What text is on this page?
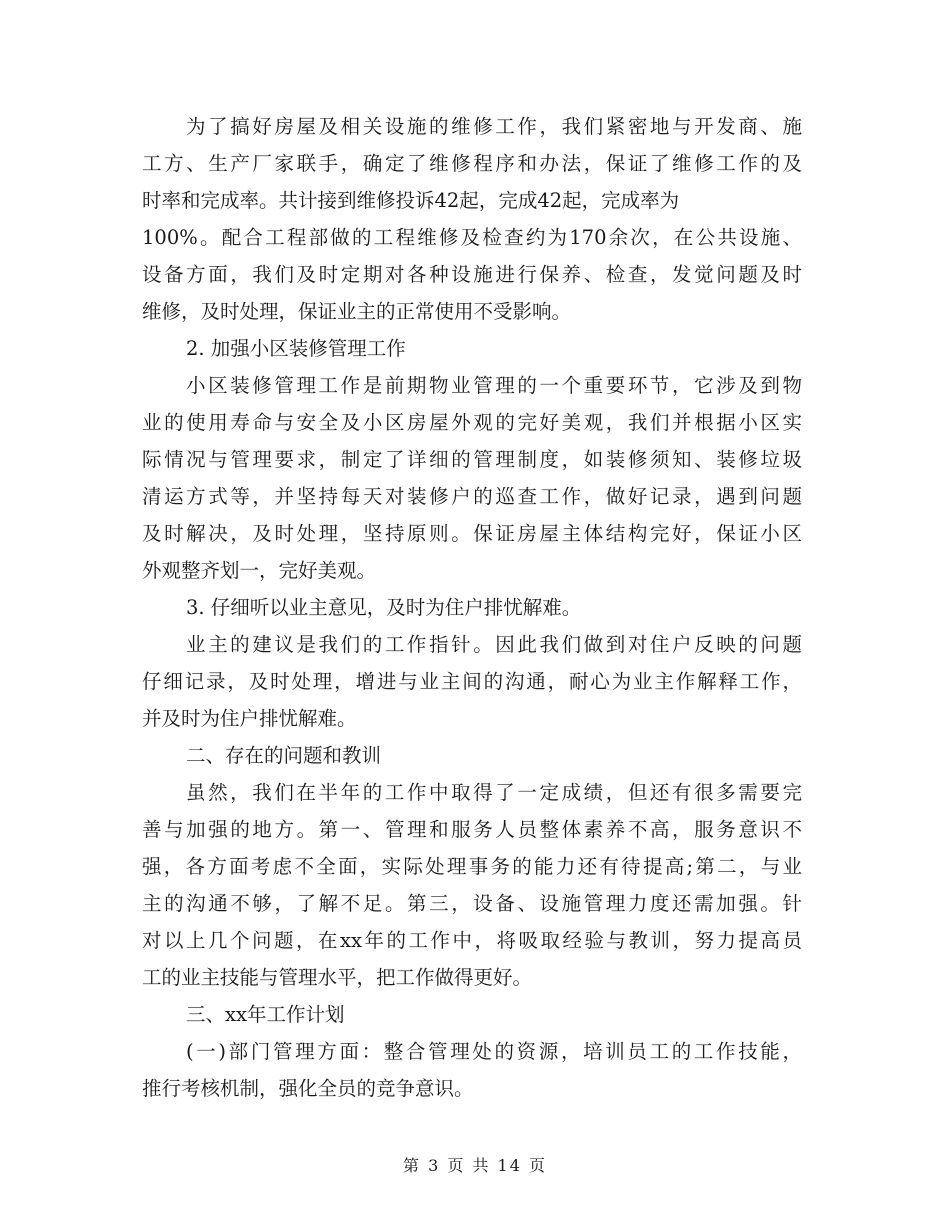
为了搞好房屋及相关设施的维修工作，我们紧密地与开发商、施
工方、生产厂家联手，确定了维修程序和办法，保证了维修工作的及
时率和完成率。共计接到维修投诉42起，完成42起，完成率为
100%。配合工程部做的工程维修及检查约为170余次，在公共设施、
设备方面，我们及时定期对各种设施进行保养、检查，发觉问题及时
维修，及时处理，保证业主的正常使用不受影响。
2. 加强小区装修管理工作
小区装修管理工作是前期物业管理的一个重要环节，它涉及到物
业的使用寿命与安全及小区房屋外观的完好美观，我们并根据小区实
际情况与管理要求，制定了详细的管理制度，如装修须知、装修垃圾
清运方式等，并坚持每天对装修户的巡查工作，做好记录，遇到问题
及时解决，及时处理，坚持原则。保证房屋主体结构完好，保证小区
外观整齐划一，完好美观。
3. 仔细听以业主意见，及时为住户排忧解难。
业主的建议是我们的工作指针。因此我们做到对住户反映的问题
仔细记录，及时处理，增进与业主间的沟通，耐心为业主作解释工作，
并及时为住户排忧解难。
二、存在的问题和教训
虽然，我们在半年的工作中取得了一定成绩，但还有很多需要完
善与加强的地方。第一、管理和服务人员整体素养不高，服务意识不
强，各方面考虑不全面，实际处理事务的能力还有待提高;第二，与业
主的沟通不够，了解不足。第三，设备、设施管理力度还需加强。针
对以上几个问题，在xx年的工作中，将吸取经验与教训，努力提高员
工的业主技能与管理水平，把工作做得更好。
三、xx年工作计划
(一)部门管理方面：整合管理处的资源，培训员工的工作技能，
推行考核机制，强化全员的竞争意识。
第 3 页 共 14 页
